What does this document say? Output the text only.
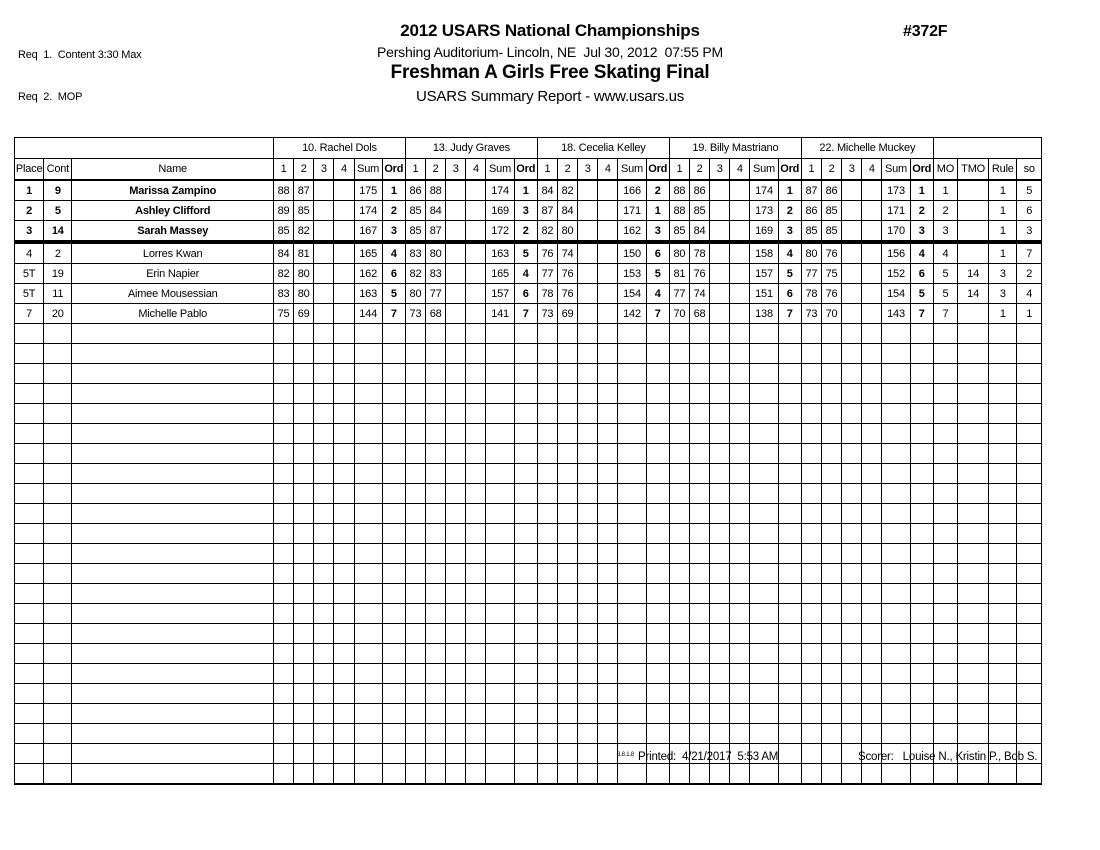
Req  1.  Content 3:30 Max

Req  2.  MOP

2012 USARS National Championships
Pershing Auditorium- Lincoln, NE  Jul 30, 2012  07:55 PM
Freshman A Girls Free Skating Final
USARS Summary Report - www.usars.us
#372F
			10. Rachel Dols						13. Judy Graves						18. Cecelia Kelley						19. Billy Mastriano						22. Michelle Muckey									
Place	Cont	Name	1	2	3	4	Sum	Ord	1	2	3	4	Sum	Ord	1	2	3	4	Sum	Ord	1	2	3	4	Sum	Ord	1	2	3	4	Sum	Ord	MO	TMO	Rule	so
1	9	Marissa Zampino	88	87			175	1	86	88			174	1	84	82			166	2	88	86			174	1	87	86			173	1	1		1	5
2	5	Ashley Clifford	89	85			174	2	85	84			169	3	87	84			171	1	88	85			173	2	86	85			171	2	2		1	6
3	14	Sarah Massey	85	82			167	3	85	87			172	2	82	80			162	3	85	84			169	3	85	85			170	3	3		1	3
4	2	Lorres Kwan	84	81			165	4	83	80			163	5	76	74			150	6	80	78			158	4	80	76			156	4	4		1	7
5T	19	Erin Napier	82	80			162	6	82	83			165	4	77	76			153	5	81	76			157	5	77	75			152	6	5	14	3	2
5T	11	Aimee Mousessian	83	80			163	5	80	77			157	6	78	76			154	4	77	74			151	6	78	76			154	5	5	14	3	4
7	20	Michelle Pablo	75	69			144	7	73	68			141	7	73	69			142	7	70	68			138	7	73	70			143	7	7		1	1

3.8.1.8 Printed: 4/21/2017  5:53 AM	Scorer: Louise N., Kristin P., Bob S.
